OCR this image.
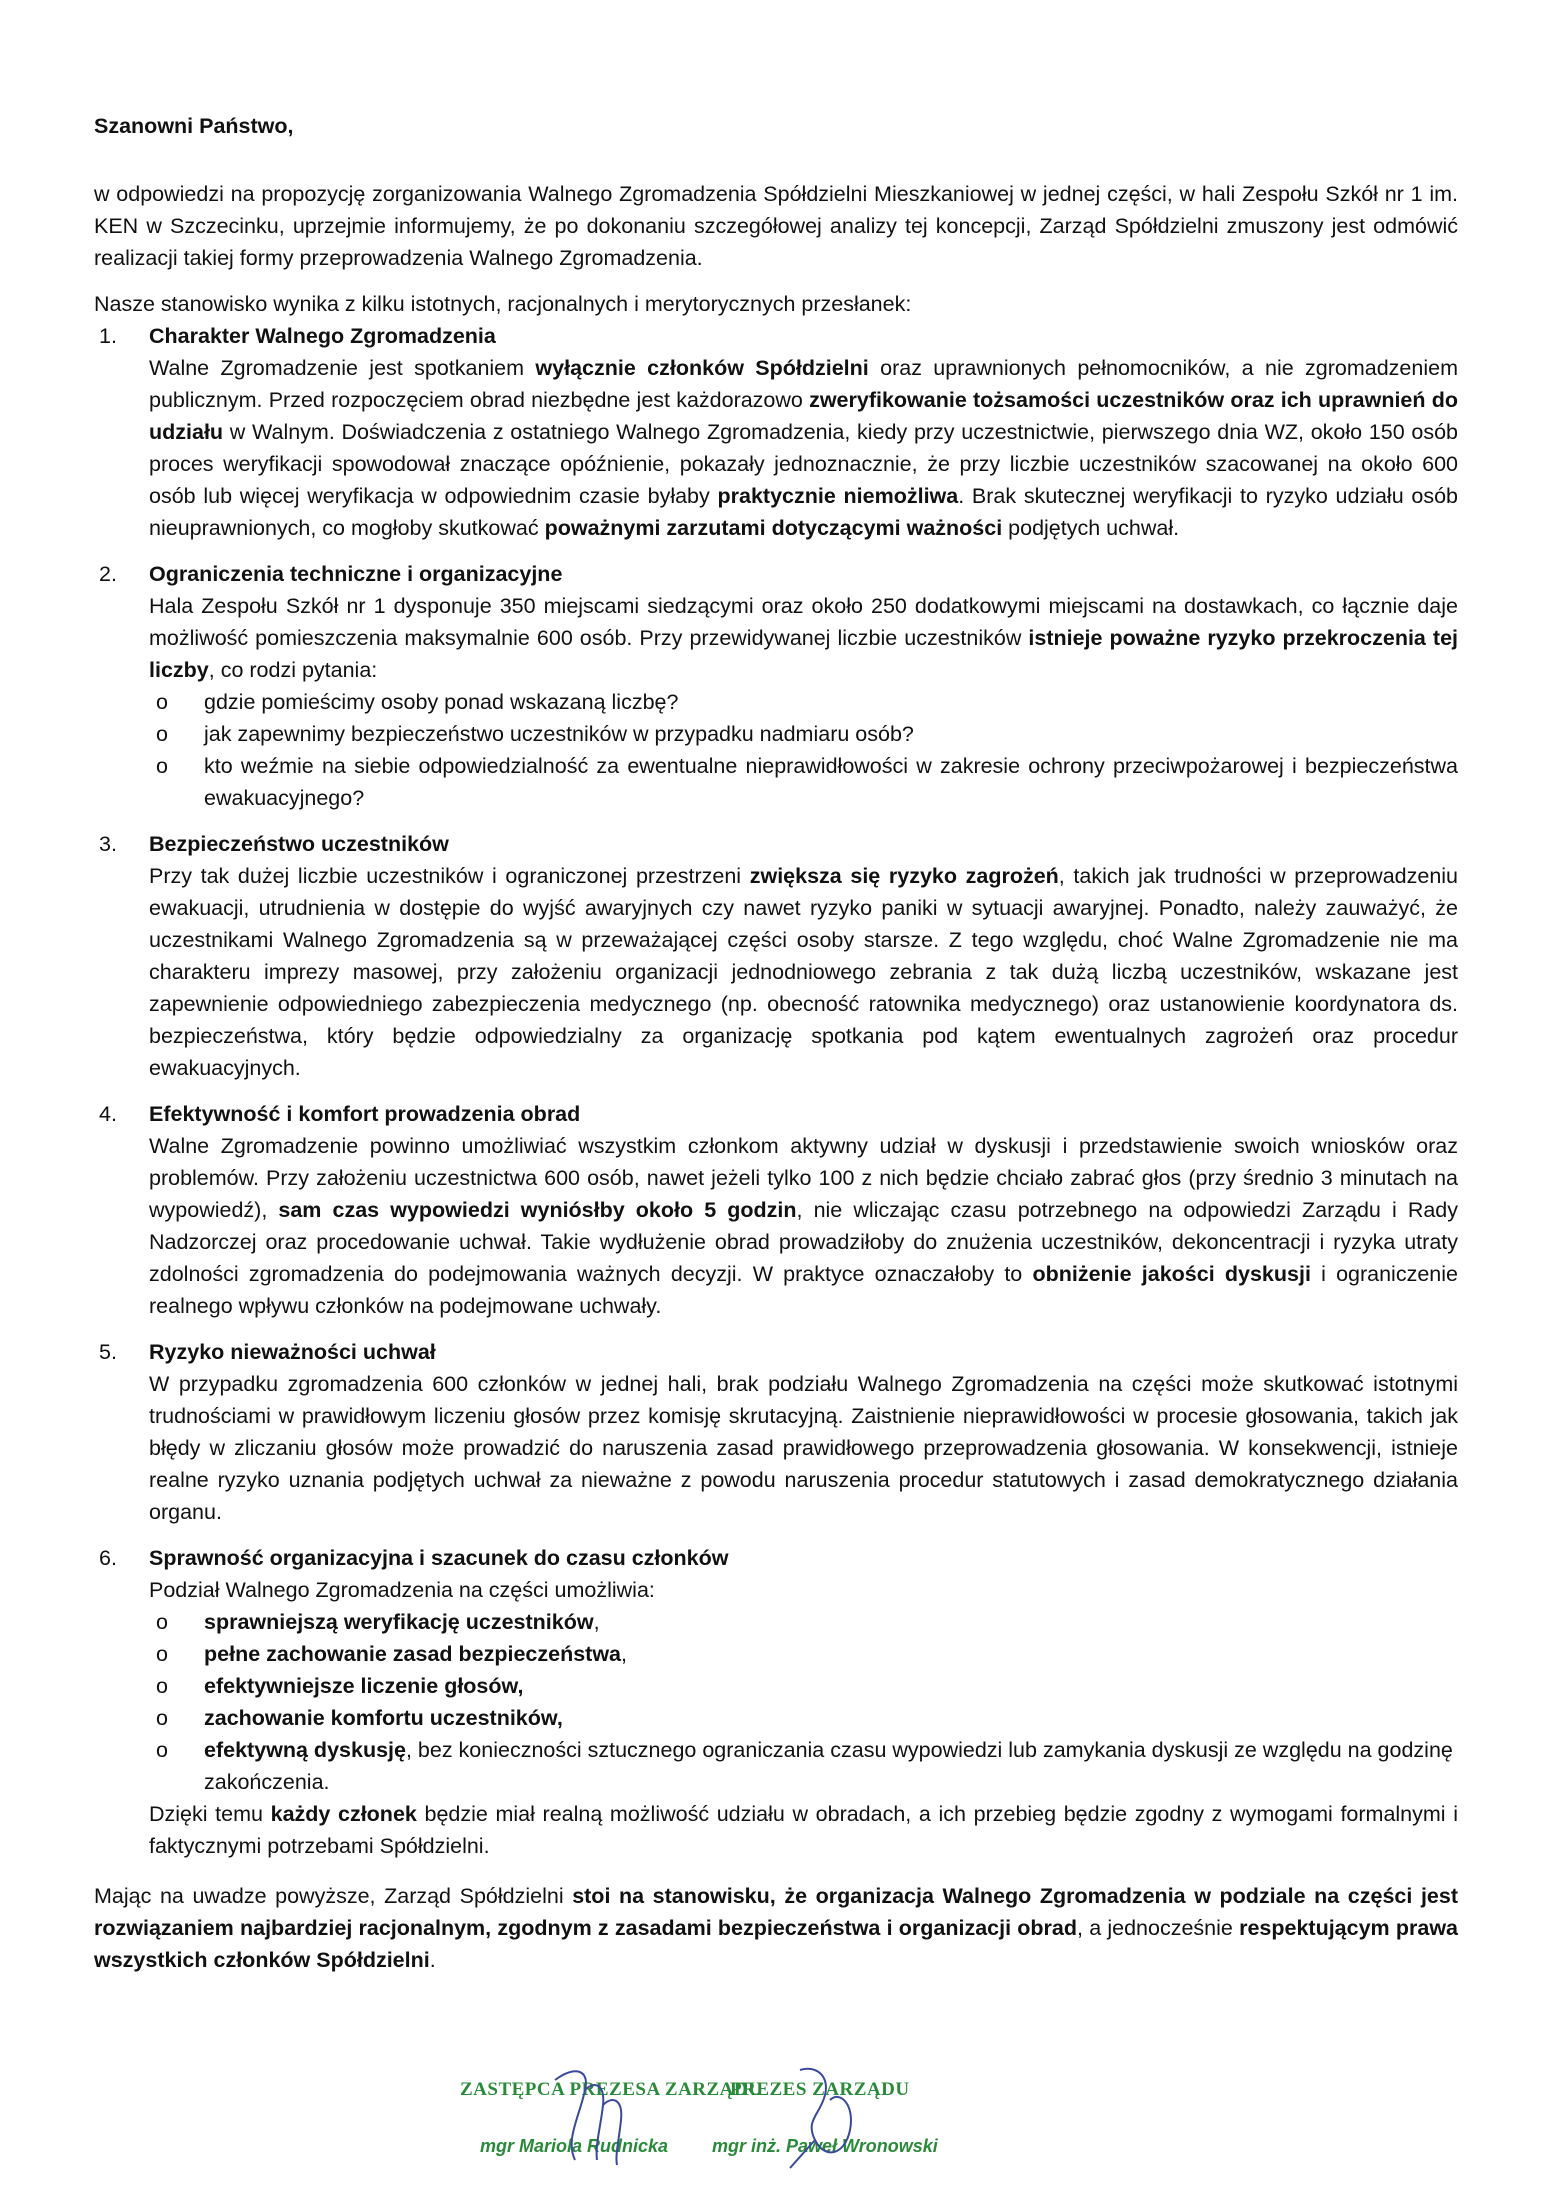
Szanowni Państwo,

w odpowiedzi na propozycję zorganizowania Walnego Zgromadzenia Spółdzielni Mieszkaniowej w jednej części, w hali Zespołu Szkół nr 1 im. KEN w Szczecinku, uprzejmie informujemy, że po dokonaniu szczegółowej analizy tej koncepcji, Zarząd Spółdzielni zmuszony jest odmówić realizacji takiej formy przeprowadzenia Walnego Zgromadzenia.

Nasze stanowisko wynika z kilku istotnych, racjonalnych i merytorycznych przesłanek:

1. Charakter Walnego Zgromadzenia
Walne Zgromadzenie jest spotkaniem wyłącznie członków Spółdzielni oraz uprawnionych pełnomocników, a nie zgromadzeniem publicznym. Przed rozpoczęciem obrad niezbędne jest każdorazowo zweryfikowanie tożsamości uczestników oraz ich uprawnień do udziału w Walnym. Doświadczenia z ostatniego Walnego Zgromadzenia, kiedy przy uczestnictwie, pierwszego dnia WZ, około 150 osób proces weryfikacji spowodował znaczące opóźnienie, pokazały jednoznacznie, że przy liczbie uczestników szacowanej na około 600 osób lub więcej weryfikacja w odpowiednim czasie byłaby praktycznie niemożliwa. Brak skutecznej weryfikacji to ryzyko udziału osób nieuprawnionych, co mogłoby skutkować poważnymi zarzutami dotyczącymi ważności podjętych uchwał.
2. Ograniczenia techniczne i organizacyjne
Hala Zespołu Szkół nr 1 dysponuje 350 miejscami siedzącymi oraz około 250 dodatkowymi miejscami na dostawkach, co łącznie daje możliwość pomieszczenia maksymalnie 600 osób. Przy przewidywanej liczbie uczestników istnieje poważne ryzyko przekroczenia tej liczby, co rodzi pytania:
o gdzie pomieścimy osoby ponad wskazaną liczbę?
o jak zapewnimy bezpieczeństwo uczestników w przypadku nadmiaru osób?
o kto weźmie na siebie odpowiedzialność za ewentualne nieprawidłowości w zakresie ochrony przeciwpożarowej i bezpieczeństwa ewakuacyjnego?
3. Bezpieczeństwo uczestników
Przy tak dużej liczbie uczestników i ograniczonej przestrzeni zwiększa się ryzyko zagrożeń, takich jak trudności w przeprowadzeniu ewakuacji, utrudnienia w dostępie do wyjść awaryjnych czy nawet ryzyko paniki w sytuacji awaryjnej. Ponadto, należy zauważyć, że uczestnikami Walnego Zgromadzenia są w przeważającej części osoby starsze. Z tego względu, choć Walne Zgromadzenie nie ma charakteru imprezy masowej, przy założeniu organizacji jednodniowego zebrania z tak dużą liczbą uczestników, wskazane jest zapewnienie odpowiedniego zabezpieczenia medycznego (np. obecność ratownika medycznego) oraz ustanowienie koordynatora ds. bezpieczeństwa, który będzie odpowiedzialny za organizację spotkania pod kątem ewentualnych zagrożeń oraz procedur ewakuacyjnych.
4. Efektywność i komfort prowadzenia obrad
Walne Zgromadzenie powinno umożliwiać wszystkim członkom aktywny udział w dyskusji i przedstawienie swoich wniosków oraz problemów. Przy założeniu uczestnictwa 600 osób, nawet jeżeli tylko 100 z nich będzie chciało zabrać głos (przy średnio 3 minutach na wypowiedź), sam czas wypowiedzi wyniósłby około 5 godzin, nie wliczając czasu potrzebnego na odpowiedzi Zarządu i Rady Nadzorczej oraz procedowanie uchwał. Takie wydłużenie obrad prowadziłoby do znużenia uczestników, dekoncentracji i ryzyka utraty zdolności zgromadzenia do podejmowania ważnych decyzji. W praktyce oznaczałoby to obniżenie jakości dyskusji i ograniczenie realnego wpływu członków na podejmowane uchwały.
5. Ryzyko nieważności uchwał
W przypadku zgromadzenia 600 członków w jednej hali, brak podziału Walnego Zgromadzenia na części może skutkować istotnymi trudnościami w prawidłowym liczeniu głosów przez komisję skrutacyjną. Zaistnienie nieprawidłowości w procesie głosowania, takich jak błędy w zliczaniu głosów może prowadzić do naruszenia zasad prawidłowego przeprowadzenia głosowania. W konsekwencji, istnieje realne ryzyko uznania podjętych uchwał za nieważne z powodu naruszenia procedur statutowych i zasad demokratycznego działania organu.
6. Sprawność organizacyjna i szacunek do czasu członków
Podział Walnego Zgromadzenia na części umożliwia:
o sprawniejszą weryfikację uczestników,
o pełne zachowanie zasad bezpieczeństwa,
o efektywniejsze liczenie głosów,
o zachowanie komfortu uczestników,
o efektywną dyskusję, bez konieczności sztucznego ograniczania czasu wypowiedzi lub zamykania dyskusji ze względu na godzinę zakończenia.
Dzięki temu każdy członek będzie miał realną możliwość udziału w obradach, a ich przebieg będzie zgodny z wymogami formalnymi i faktycznymi potrzebami Spółdzielni.

Mając na uwadze powyższe, Zarząd Spółdzielni stoi na stanowisku, że organizacja Walnego Zgromadzenia w podziale na części jest rozwiązaniem najbardziej racjonalnym, zgodnym z zasadami bezpieczeństwa i organizacji obrad, a jednocześnie respektującym prawa wszystkich członków Spółdzielni.

ZASTĘPCA PREZESA ZARZĄDU
mgr Mariola Rudnicka
PREZES ZARZĄDU
mgr inż. Paweł Wronowski
